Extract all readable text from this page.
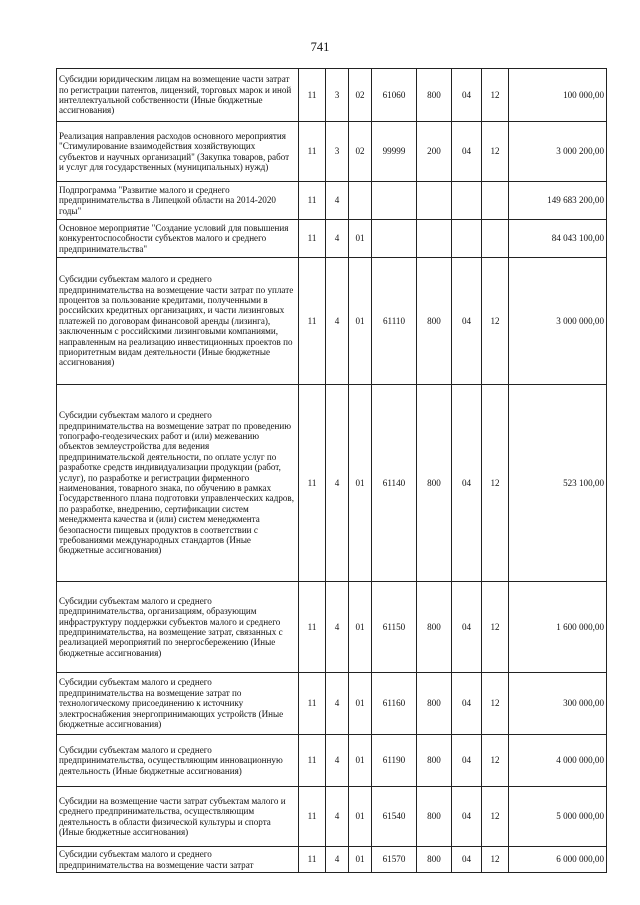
741
Субсидии юридическим лицам на возмещение части затрат по регистрации патентов, лицензий, торговых марок и иной интеллектуальной собственности (Иные бюджетные ассигнования)	11	3	02	61060	800	04	12	100 000,00
Реализация направления расходов основного мероприятия "Стимулирование взаимодействия хозяйствующих субъектов и научных организаций" (Закупка товаров, работ и услуг для государственных (муниципальных) нужд)	11	3	02	99999	200	04	12	3 000 200,00
Подпрограмма "Развитие малого и среднего предпринимательства в Липецкой области на 2014-2020 годы"	11	4						149 683 200,00
Основное мероприятие "Создание условий для повышения конкурентоспособности субъектов малого и среднего предпринимательства"	11	4	01					84 043 100,00
Субсидии субъектам малого и среднего предпринимательства на возмещение части затрат по уплате процентов за пользование кредитами, полученными в российских кредитных организациях, и части лизинговых платежей по договорам финансовой аренды (лизинга), заключенным с российскими лизинговыми компаниями, направленным на реализацию инвестиционных проектов по приоритетным видам деятельности (Иные бюджетные ассигнования)	11	4	01	61110	800	04	12	3 000 000,00
Субсидии субъектам малого и среднего предпринимательства на возмещение затрат по проведению топографо-геодезических работ и (или) межеванию объектов землеустройства для ведения предпринимательской деятельности, по оплате услуг по разработке средств индивидуализации продукции (работ, услуг), по разработке и регистрации фирменного наименования, товарного знака, по обучению в рамках Государственного плана подготовки управленческих кадров, по разработке, внедрению, сертификации систем менеджмента качества и (или) систем менеджмента безопасности пищевых продуктов в соответствии с требованиями международных стандартов (Иные бюджетные ассигнования)	11	4	01	61140	800	04	12	523 100,00
Субсидии субъектам малого и среднего предпринимательства, организациям, образующим инфраструктуру поддержки субъектов малого и среднего предпринимательства, на возмещение затрат, связанных с реализацией мероприятий по энергосбережению (Иные бюджетные ассигнования)	11	4	01	61150	800	04	12	1 600 000,00
Субсидии субъектам малого и среднего предпринимательства на возмещение затрат по технологическому присоединению к источнику электроснабжения энергопринимающих устройств (Иные бюджетные ассигнования)	11	4	01	61160	800	04	12	300 000,00
Субсидии субъектам малого и среднего предпринимательства, осуществляющим инновационную деятельность (Иные бюджетные ассигнования)	11	4	01	61190	800	04	12	4 000 000,00
Субсидии на возмещение части затрат субъектам малого и среднего предпринимательства, осуществляющим деятельность в области физической культуры и спорта (Иные бюджетные ассигнования)	11	4	01	61540	800	04	12	5 000 000,00
Субсидии субъектам малого и среднего предпринимательства на возмещение части затрат	11	4	01	61570	800	04	12	6 000 000,00
